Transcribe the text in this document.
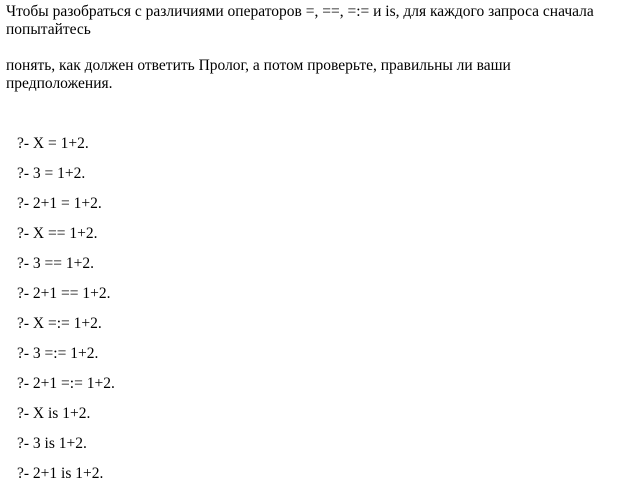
Чтобы разобраться с различиями операторов =, ==, =:= и is, для каждого запроса сначала
попытайтесь

понять, как должен ответить Пролог, а потом проверьте, правильны ли ваши
предположения.

?- X = 1+2.
?- 3 = 1+2.
?- 2+1 = 1+2.
?- X == 1+2.
?- 3 == 1+2.
?- 2+1 == 1+2.
?- X =:= 1+2.
?- 3 =:= 1+2.
?- 2+1 =:= 1+2.
?- X is 1+2.
?- 3 is 1+2.
?- 2+1 is 1+2.
